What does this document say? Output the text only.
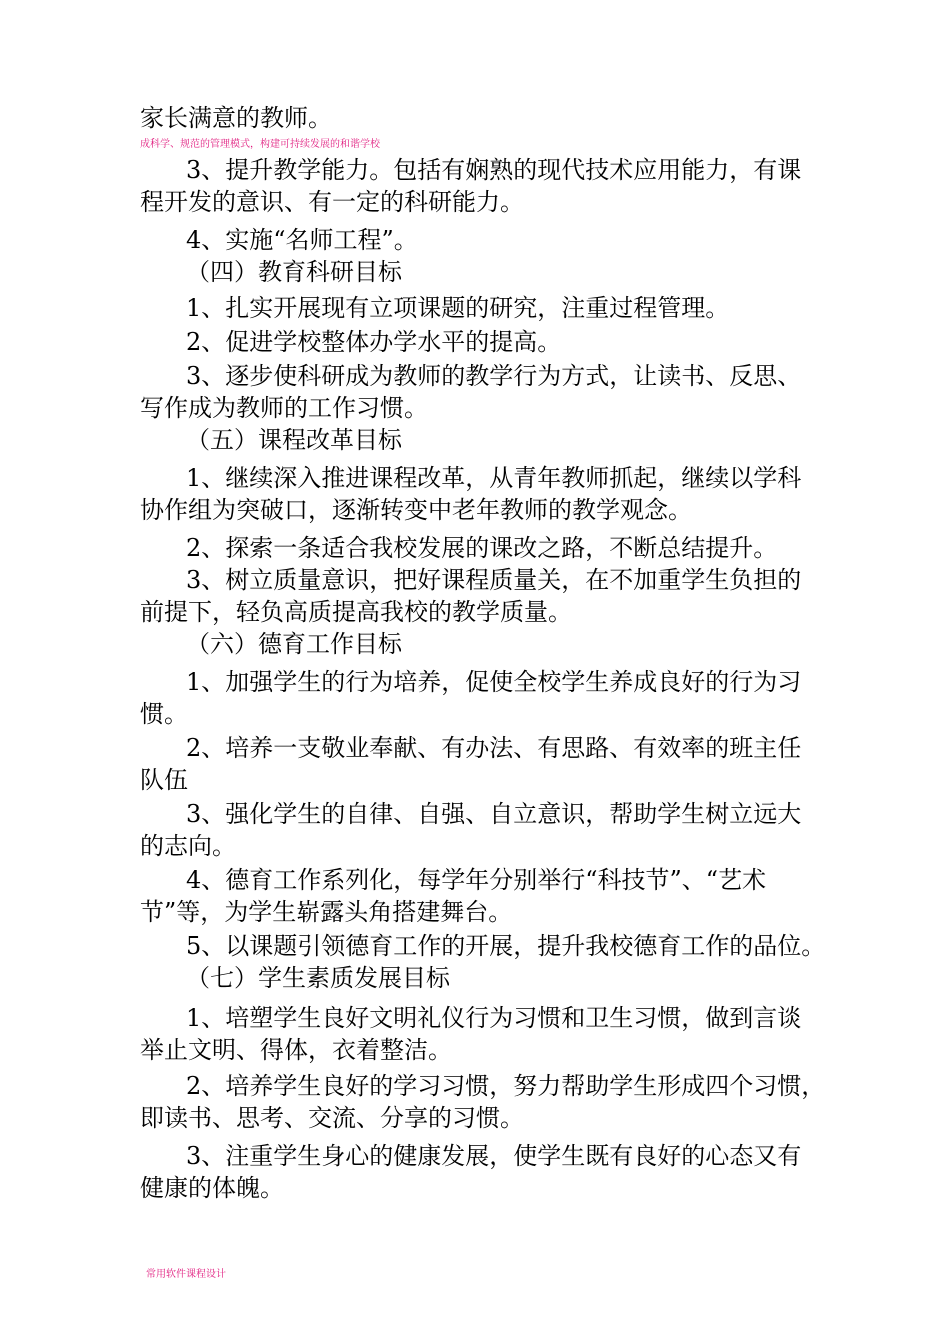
家长满意的教师。
成科学、规范的管理模式，构建可持续发展的和谐学校
3、提升教学能力。包括有娴熟的现代技术应用能力，有课
程开发的意识、有一定的科研能力。
4、实施“名师工程”。
（四）教育科研目标
1、扎实开展现有立项课题的研究，注重过程管理。
2、促进学校整体办学水平的提高。
3、逐步使科研成为教师的教学行为方式，让读书、反思、
写作成为教师的工作习惯。
（五）课程改革目标
1、继续深入推进课程改革，从青年教师抓起，继续以学科
协作组为突破口，逐渐转变中老年教师的教学观念。
2、探索一条适合我校发展的课改之路，不断总结提升。
3、树立质量意识，把好课程质量关，在不加重学生负担的
前提下，轻负高质提高我校的教学质量。
（六）德育工作目标
1、加强学生的行为培养，促使全校学生养成良好的行为习
惯。
2、培养一支敬业奉献、有办法、有思路、有效率的班主任
队伍
3、强化学生的自律、自强、自立意识，帮助学生树立远大
的志向。
4、德育工作系列化，每学年分别举行“科技节”、“艺术
节”等，为学生崭露头角搭建舞台。
5、以课题引领德育工作的开展，提升我校德育工作的品位。
（七）学生素质发展目标
1、培塑学生良好文明礼仪行为习惯和卫生习惯，做到言谈
举止文明、得体，衣着整洁。
2、培养学生良好的学习习惯，努力帮助学生形成四个习惯，
即读书、思考、交流、分享的习惯。
3、注重学生身心的健康发展，使学生既有良好的心态又有
健康的体魄。
常用软件课程设计
